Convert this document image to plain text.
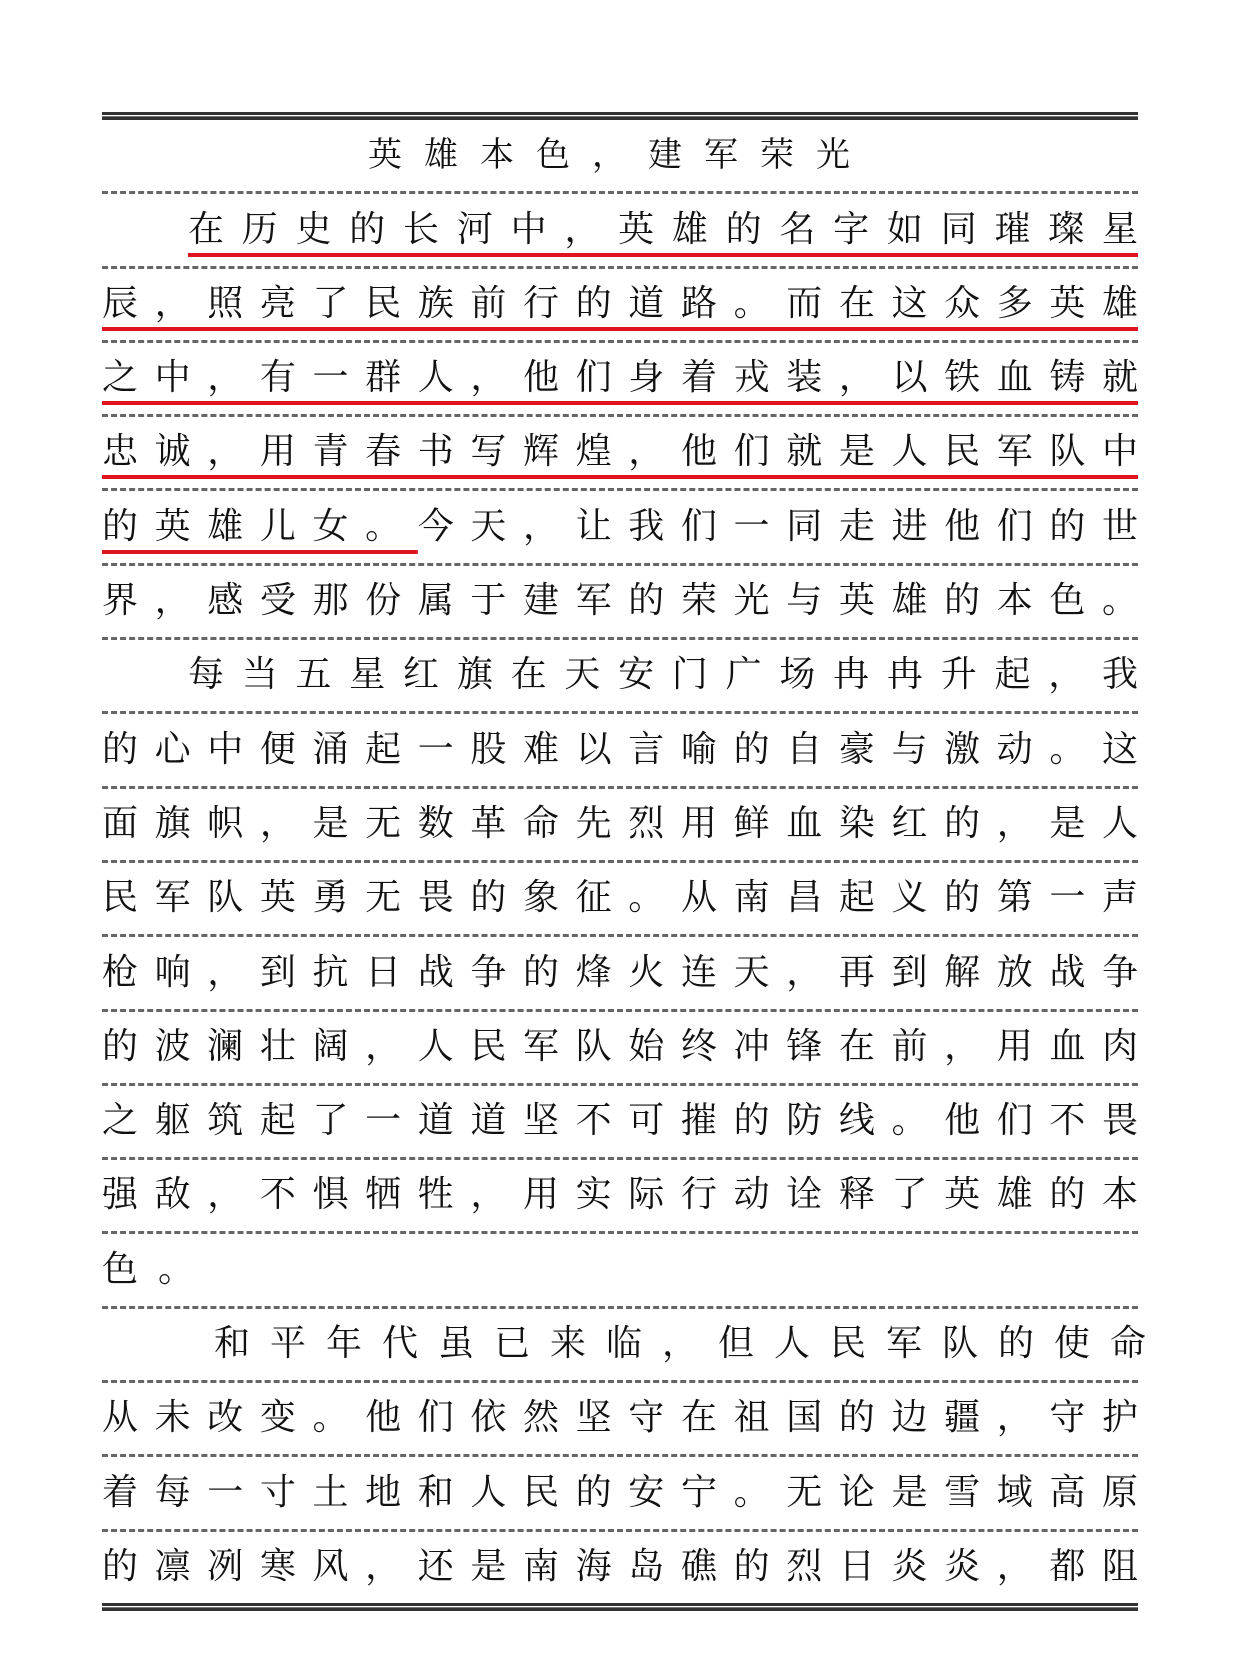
英雄本色，建军荣光
在历史的长河中，英雄的名字如同璀璨星
辰，照亮了民族前行的道路。而在这众多英雄
之中，有一群人，他们身着戎装，以铁血铸就
忠诚，用青春书写辉煌，他们就是人民军队中
的英雄儿女。今天，让我们一同走进他们的世
界，感受那份属于建军的荣光与英雄的本色。
每当五星红旗在天安门广场冉冉升起，我
的心中便涌起一股难以言喻的自豪与激动。这
面旗帜，是无数革命先烈用鲜血染红的，是人
民军队英勇无畏的象征。从南昌起义的第一声
枪响，到抗日战争的烽火连天，再到解放战争
的波澜壮阔，人民军队始终冲锋在前，用血肉
之躯筑起了一道道坚不可摧的防线。他们不畏
强敌，不惧牺牲，用实际行动诠释了英雄的本
色。
和平年代虽已来临，但人民军队的使命
从未改变。他们依然坚守在祖国的边疆，守护
着每一寸土地和人民的安宁。无论是雪域高原
的凛冽寒风，还是南海岛礁的烈日炎炎，都阻
